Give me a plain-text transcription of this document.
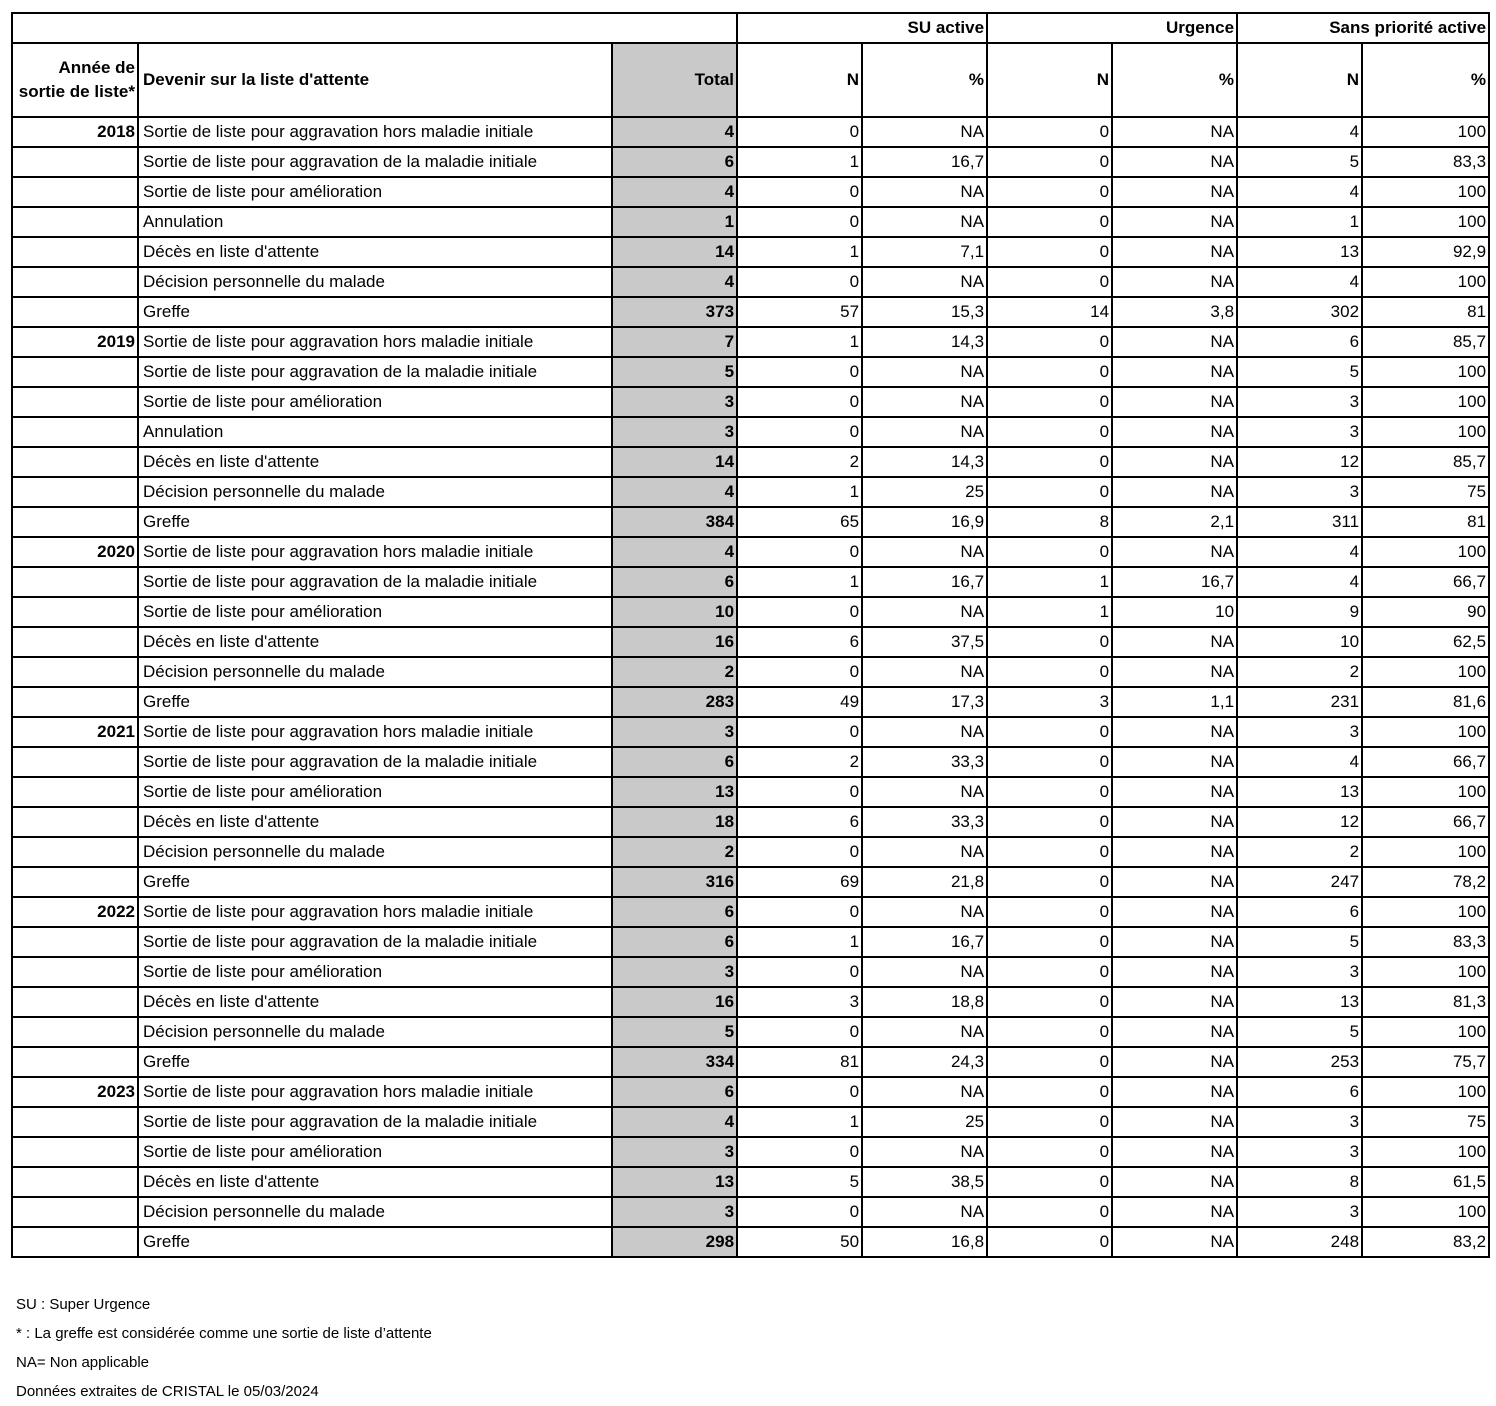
			SU active		Urgence		Sans priorité active	
Année de sortie de liste*	Devenir sur la liste d'attente	Total	N	%	N	%	N	%
2018	Sortie de liste pour aggravation hors maladie initiale	4	0	NA	0	NA	4	100
	Sortie de liste pour aggravation de la maladie initiale	6	1	16,7	0	NA	5	83,3
	Sortie de liste pour amélioration	4	0	NA	0	NA	4	100
	Annulation	1	0	NA	0	NA	1	100
	Décès en liste d'attente	14	1	7,1	0	NA	13	92,9
	Décision personnelle du malade	4	0	NA	0	NA	4	100
	Greffe	373	57	15,3	14	3,8	302	81
2019	Sortie de liste pour aggravation hors maladie initiale	7	1	14,3	0	NA	6	85,7
	Sortie de liste pour aggravation de la maladie initiale	5	0	NA	0	NA	5	100
	Sortie de liste pour amélioration	3	0	NA	0	NA	3	100
	Annulation	3	0	NA	0	NA	3	100
	Décès en liste d'attente	14	2	14,3	0	NA	12	85,7
	Décision personnelle du malade	4	1	25	0	NA	3	75
	Greffe	384	65	16,9	8	2,1	311	81
2020	Sortie de liste pour aggravation hors maladie initiale	4	0	NA	0	NA	4	100
	Sortie de liste pour aggravation de la maladie initiale	6	1	16,7	1	16,7	4	66,7
	Sortie de liste pour amélioration	10	0	NA	1	10	9	90
	Décès en liste d'attente	16	6	37,5	0	NA	10	62,5
	Décision personnelle du malade	2	0	NA	0	NA	2	100
	Greffe	283	49	17,3	3	1,1	231	81,6
2021	Sortie de liste pour aggravation hors maladie initiale	3	0	NA	0	NA	3	100
	Sortie de liste pour aggravation de la maladie initiale	6	2	33,3	0	NA	4	66,7
	Sortie de liste pour amélioration	13	0	NA	0	NA	13	100
	Décès en liste d'attente	18	6	33,3	0	NA	12	66,7
	Décision personnelle du malade	2	0	NA	0	NA	2	100
	Greffe	316	69	21,8	0	NA	247	78,2
2022	Sortie de liste pour aggravation hors maladie initiale	6	0	NA	0	NA	6	100
	Sortie de liste pour aggravation de la maladie initiale	6	1	16,7	0	NA	5	83,3
	Sortie de liste pour amélioration	3	0	NA	0	NA	3	100
	Décès en liste d'attente	16	3	18,8	0	NA	13	81,3
	Décision personnelle du malade	5	0	NA	0	NA	5	100
	Greffe	334	81	24,3	0	NA	253	75,7
2023	Sortie de liste pour aggravation hors maladie initiale	6	0	NA	0	NA	6	100
	Sortie de liste pour aggravation de la maladie initiale	4	1	25	0	NA	3	75
	Sortie de liste pour amélioration	3	0	NA	0	NA	3	100
	Décès en liste d'attente	13	5	38,5	0	NA	8	61,5
	Décision personnelle du malade	3	0	NA	0	NA	3	100
	Greffe	298	50	16,8	0	NA	248	83,2
SU : Super Urgence
* : La greffe est considérée comme une sortie de liste d’attente
NA= Non applicable
Données extraites de CRISTAL le 05/03/2024
